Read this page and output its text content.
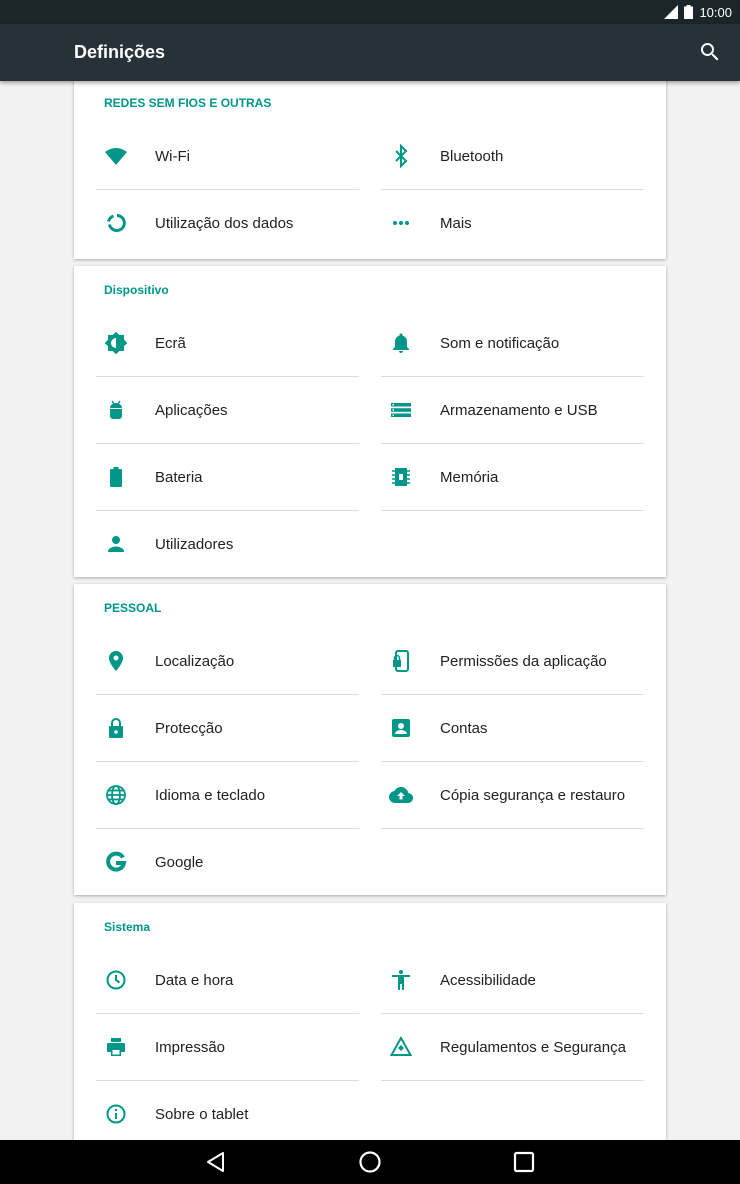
10:00
Definições
REDES SEM FIOS E OUTRAS
Wi-Fi	Bluetooth
Utilização dos dados	Mais
Dispositivo
Ecrã	Som e notificação
Aplicações	Armazenamento e USB
Bateria	Memória
Utilizadores
PESSOAL
Localização	Permissões da aplicação
Protecção	Contas
Idioma e teclado	Cópia segurança e restauro
Google
Sistema
Data e hora	Acessibilidade
Impressão	Regulamentos e Segurança
Sobre o tablet
